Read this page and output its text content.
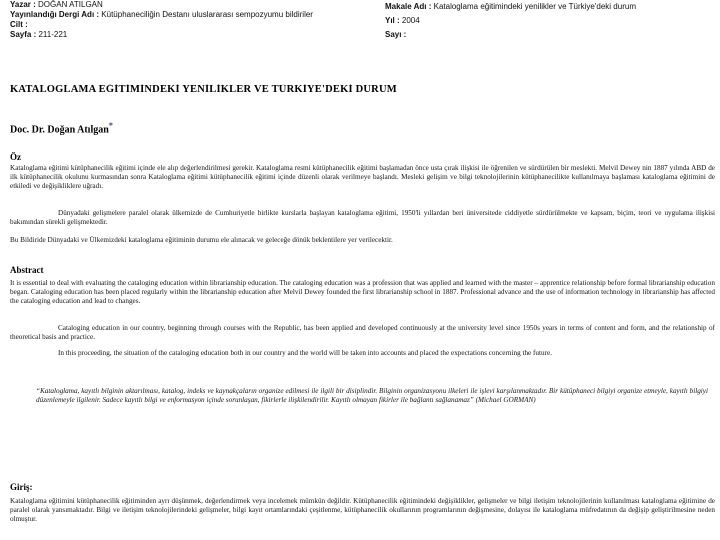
Yazar : DOĞAN ATILGAN
Yayınlandığı Dergi Adı : Kütüphaneciliğin Destanı uluslararası sempozyumu bildiriler
Cilt :
Sayfa : 211-221
Makale Adı : Kataloglama eğitimindeki yenilikler ve Türkiye'deki durum
Yıl : 2004
Sayı :
KATALOGLAMA EĞİTİMİNDEKİ YENİLİKLER VE TÜRKİYE'DEKİ DURUM
Doc. Dr. Doğan Atılgan*
Öz
Kataloglama eğitimi kütüphanecilik eğitimi içinde ele alıp değerlendirilmesi gerekir. Kataloglama resmi kütüphanecilik eğitimi başlamadan önce usta çırak ilişkisi ile öğrenilen ve sürdürülen bir meslekti. Melvil Dewey nin 1887 yılında ABD de ilk kütüphanecilik okulunu kurmasından sonra Kataloglama eğitimi kütüphanecilik eğitimi içinde düzenli olarak verilmeye başlandı. Mesleki gelişim ve bilgi teknolojilerinin kütüphanecilikte kullanılmaya başlaması kataloglama eğitimini de etkiledi ve değişikliklere uğradı.
Dünyadaki gelişmelere paralel olarak ülkemizde de Cumhuriyetle birlikte kurslarla başlayan kataloglama eğitimi, 1950'li yıllardan beri üniversitede ciddiyetle sürdürülmekte ve kapsam, biçim, teori ve uygulama ilişkisi bakımından sürekli gelişmektedir.
Bu Bildiride Dünyadaki ve Ülkemizdeki kataloglama eğitiminin durumu ele alınacak ve geleceğe dönük beklentilere yer verilecektir.
Abstract
It is essential to deal with evaluating the cataloging education within librarianship education. The cataloging education was a profession that was applied and learned with the master – apprentice relationship before formal librarianship education began. Cataloging education has been placed regularly within the librarianship education after Melvil Dewey founded the first librarianship school in 1887. Professional advance and the use of information technology in librarianship has affected the cataloging education and lead to changes.
Cataloging education in our country, beginning through courses with the Republic, has been applied and developed continuously at the university level since 1950s years in terms of content and form, and the relationship of theoretical basis and practice.
In this proceeding, the situation of the cataloging education both in our country and the world will be taken into accounts and placed the expectations concerning the future.
“Kataloglama, kayıtlı bilginin aktarılması, katalog, indeks ve kaynakçaların organize edilmesi ile ilgili bir disiplindir. Bilginin organizasyonu ilkeleri ile işlevi karşılanmaktadır. Bir kütüphaneci bilgiyi organize etmeyle, kayıtlı bilgiyi düzenlemeyle ilgilenir. Sadece kayıtlı bilgi ve enformasyon içinde sorunlaşan, fikirlerle ilişkilendirilir. Kayıtlı olmayan fikirler ile bağlantı sağlanamaz” (Michael GORMAN)
Giriş:
Kataloglama eğitimini kütüphanecilik eğitiminden ayrı düşünmek, değerlendirmek veya incelemek mümkün değildir. Kütüphanecilik eğitimindeki değişiklikler, gelişmeler ve bilgi iletişim teknolojilerinin kullanılması kataloglama eğitimine de paralel olarak yansımaktadır. Bilgi ve iletişim teknolojilerindeki gelişmeler, bilgi kayıt ortamlarındaki çeşitlenme, kütüphanecilik okullarının programlarının değişmesine, dolayısı ile kataloglama müfredatının da değişip geliştirilmesine neden olmuştur.
